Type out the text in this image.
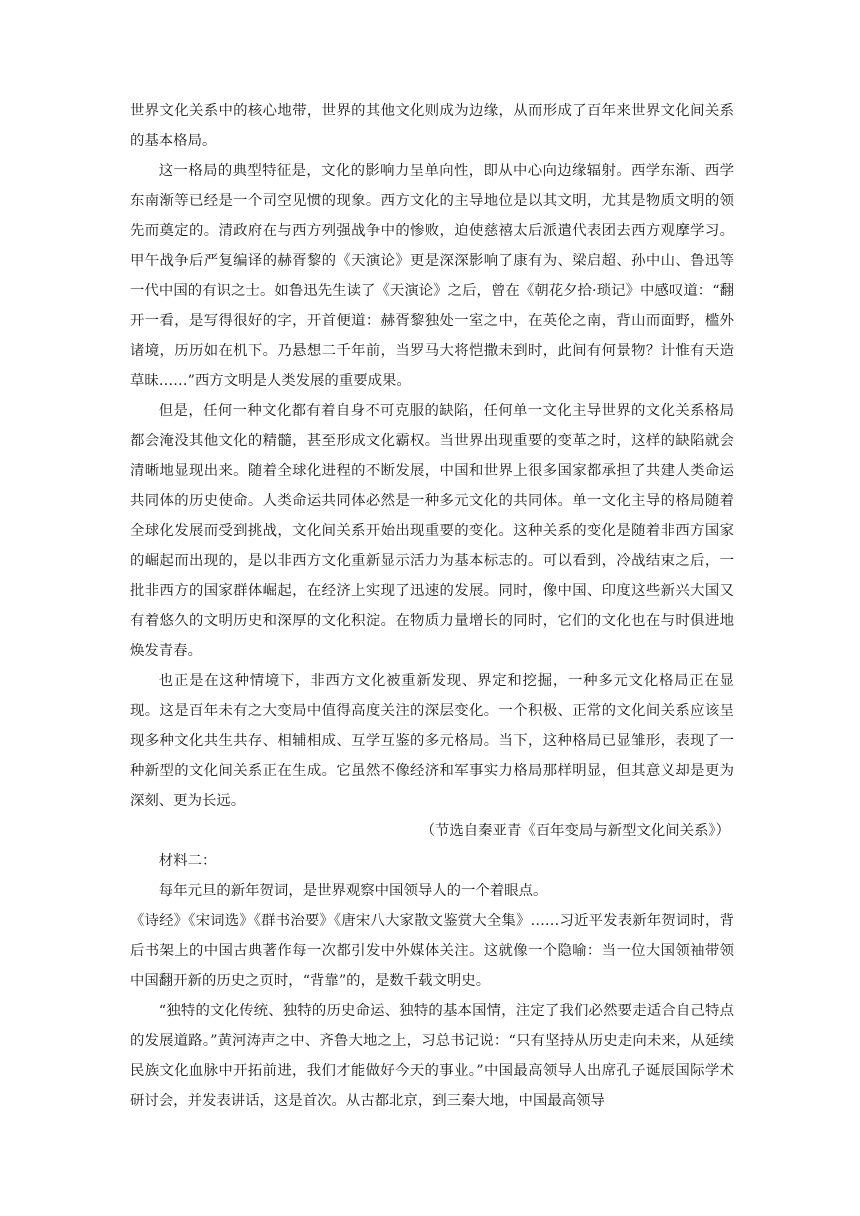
世界文化关系中的核心地带，世界的其他文化则成为边缘，从而形成了百年来世界文化间关系的基本格局。

这一格局的典型特征是，文化的影响力呈单向性，即从中心向边缘辐射。西学东渐、西学东南渐等已经是一个司空见惯的现象。西方文化的主导地位是以其文明，尤其是物质文明的领先而奠定的。清政府在与西方列强战争中的惨败，迫使慈禧太后派遣代表团去西方观摩学习。甲午战争后严复编译的赫胥黎的《天演论》更是深深影响了康有为、梁启超、孙中山、鲁迅等一代中国的有识之士。如鲁迅先生读了《天演论》之后，曾在《朝花夕拾·琐记》中感叹道：“翻开一看，是写得很好的字，开首便道：赫胥黎独处一室之中，在英伦之南，背山而面野，槛外诸境，历历如在机下。乃悬想二千年前，当罗马大将恺撒未到时，此间有何景物？计惟有天造草昧……”西方文明是人类发展的重要成果。

但是，任何一种文化都有着自身不可克服的缺陷，任何单一文化主导世界的文化关系格局都会淹没其他文化的精髓，甚至形成文化霸权。当世界出现重要的变革之时，这样的缺陷就会清晰地显现出来。随着全球化进程的不断发展，中国和世界上很多国家都承担了共建人类命运共同体的历史使命。人类命运共同体必然是一种多元文化的共同体。单一文化主导的格局随着全球化发展而受到挑战，文化间关系开始出现重要的变化。这种关系的变化是随着非西方国家的崛起而出现的，是以非西方文化重新显示活力为基本标志的。可以看到，冷战结束之后，一批非西方的国家群体崛起，在经济上实现了迅速的发展。同时，像中国、印度这些新兴大国又有着悠久的文明历史和深厚的文化积淀。在物质力量增长的同时，它们的文化也在与时俱进地焕发青春。

也正是在这种情境下，非西方文化被重新发现、界定和挖掘，一种多元文化格局正在显现。这是百年未有之大变局中值得高度关注的深层变化。一个积极、正常的文化间关系应该呈现多种文化共生共存、相辅相成、互学互鉴的多元格局。当下，这种格局已显雏形，表现了一种新型的文化间关系正在生成。它虽然不像经济和军事实力格局那样明显，但其意义却是更为深刻、更为长远。

（节选自秦亚青《百年变局与新型文化间关系》）

材料二：

每年元旦的新年贺词，是世界观察中国领导人的一个着眼点。

《诗经》《宋词选》《群书治要》《唐宋八大家散文鉴赏大全集》……习近平发表新年贺词时，背后书架上的中国古典著作每一次都引发中外媒体关注。这就像一个隐喻：当一位大国领袖带领中国翻开新的历史之页时，“背靠”的，是数千载文明史。

“独特的文化传统、独特的历史命运、独特的基本国情，注定了我们必然要走适合自己特点的发展道路。”黄河涛声之中、齐鲁大地之上，习总书记说：“只有坚持从历史走向未来，从延续民族文化血脉中开拓前进，我们才能做好今天的事业。”中国最高领导人出席孔子诞辰国际学术研讨会，并发表讲话，这是首次。从古都北京，到三秦大地，中国最高领导
